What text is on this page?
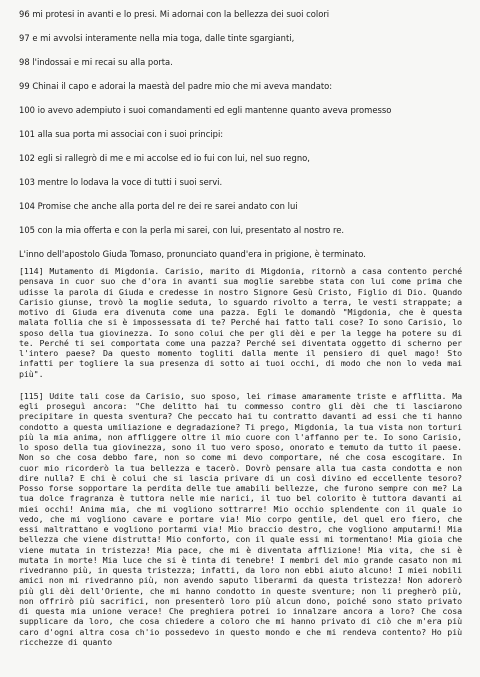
96 mi protesi in avanti e lo presi. Mi adornai con la bellezza dei suoi colori
97 e mi avvolsi interamente nella mia toga, dalle tinte sgargianti,
98 l'indossai e mi recai su alla porta.
99 Chinai il capo e adorai la maestà del padre mio che mi aveva mandato:
100 io avevo adempiuto i suoi comandamenti ed egli mantenne quanto aveva promesso
101 alla sua porta mi associai con i suoi principi:
102 egli si rallegrò di me e mi accolse ed io fui con lui, nel suo regno,
103 mentre lo lodava la voce di tutti i suoi servi.
104 Promise che anche alla porta del re dei re sarei andato con lui
105 con la mia offerta e con la perla mi sarei, con lui, presentato al nostro re.
L'inno dell'apostolo Giuda Tomaso, pronunciato quand'era in prigione, è terminato.

[114] Mutamento di Migdonia. Carisio, marito di Migdonia, ritornò a casa contento perché pensava in cuor suo che d'ora in avanti sua moglie sarebbe stata con lui come prima che udisse la parola di Giuda e credesse in nostro Signore Gesù Cristo, Figlio di Dio. Quando Carisio giunse, trovò la moglie seduta, lo sguardo rivolto a terra, le vesti strappate; a motivo di Giuda era divenuta come una pazza. Egli le domandò "Migdonia, che è questa malata follia che si è impossessata di te? Perché hai fatto tali cose? Io sono Carisio, lo sposo della tua giovinezza. Io sono colui che per gli dèi e per la legge ha potere su di te. Perché ti sei comportata come una pazza? Perché sei diventata oggetto di scherno per l'intero paese? Da questo momento togliti dalla mente il pensiero di quel mago! Sto infatti per togliere la sua presenza di sotto ai tuoi occhi, di modo che non lo veda mai più".

[115] Udite tali cose da Carisio, suo sposo, lei rimase amaramente triste e afflitta. Ma egli proseguì ancora: "Che delitto hai tu commesso contro gli dèi che ti lasciarono precipitare in questa sventura? Che peccato hai tu contratto davanti ad essi che ti hanno condotto a questa umiliazione e degradazione? Ti prego, Migdonia, la tua vista non torturi più la mia anima, non affliggere oltre il mio cuore con l'affanno per te. Io sono Carisio, lo sposo della tua giovinezza, sono il tuo vero sposo, onorato e temuto da tutto il paese. Non so che cosa debbo fare, non so come mi devo comportare, né che cosa escogitare. In cuor mio ricorderò la tua bellezza e tacerò. Dovrò pensare alla tua casta condotta e non dire nulla? E chi è colui che si lascia privare di un così divino ed eccellente tesoro? Posso forse sopportare la perdita delle tue amabili bellezze, che furono sempre con me? La tua dolce fragranza è tuttora nelle mie narici, il tuo bel colorito è tuttora davanti ai miei occhi! Anima mia, che mi vogliono sottrarre! Mio occhio splendente con il quale io vedo, che mi vogliono cavare e portare via! Mio corpo gentile, del quel ero fiero, che essi maltrattano e vogliono portarmi via! Mio braccio destro, che vogliono amputarmi! Mia bellezza che viene distrutta! Mio conforto, con il quale essi mi tormentano! Mia gioia che viene mutata in tristezza! Mia pace, che mi è diventata afflizione! Mia vita, che si è mutata in morte! Mia luce che si è tinta di tenebre! I membri del mio grande casato non mi rivedranno più, in questa tristezza; infatti, da loro non ebbi aiuto alcuno! I miei nobili amici non mi rivedranno più, non avendo saputo liberarmi da questa tristezza! Non adorerò più gli dèi dell'Oriente, che mi hanno condotto in queste sventure; non li pregherò più, non offrirò più sacrifici, non presenterò loro più alcun dono, poiché sono stato privato di questa mia unione verace! Che preghiera potrei io innalzare ancora a loro? Che cosa supplicare da loro, che cosa chiedere a coloro che mi hanno privato di ciò che m'era più caro d'ogni altra cosa ch'io possedevo in questo mondo e che mi rendeva contento? Ho più ricchezze di quanto
